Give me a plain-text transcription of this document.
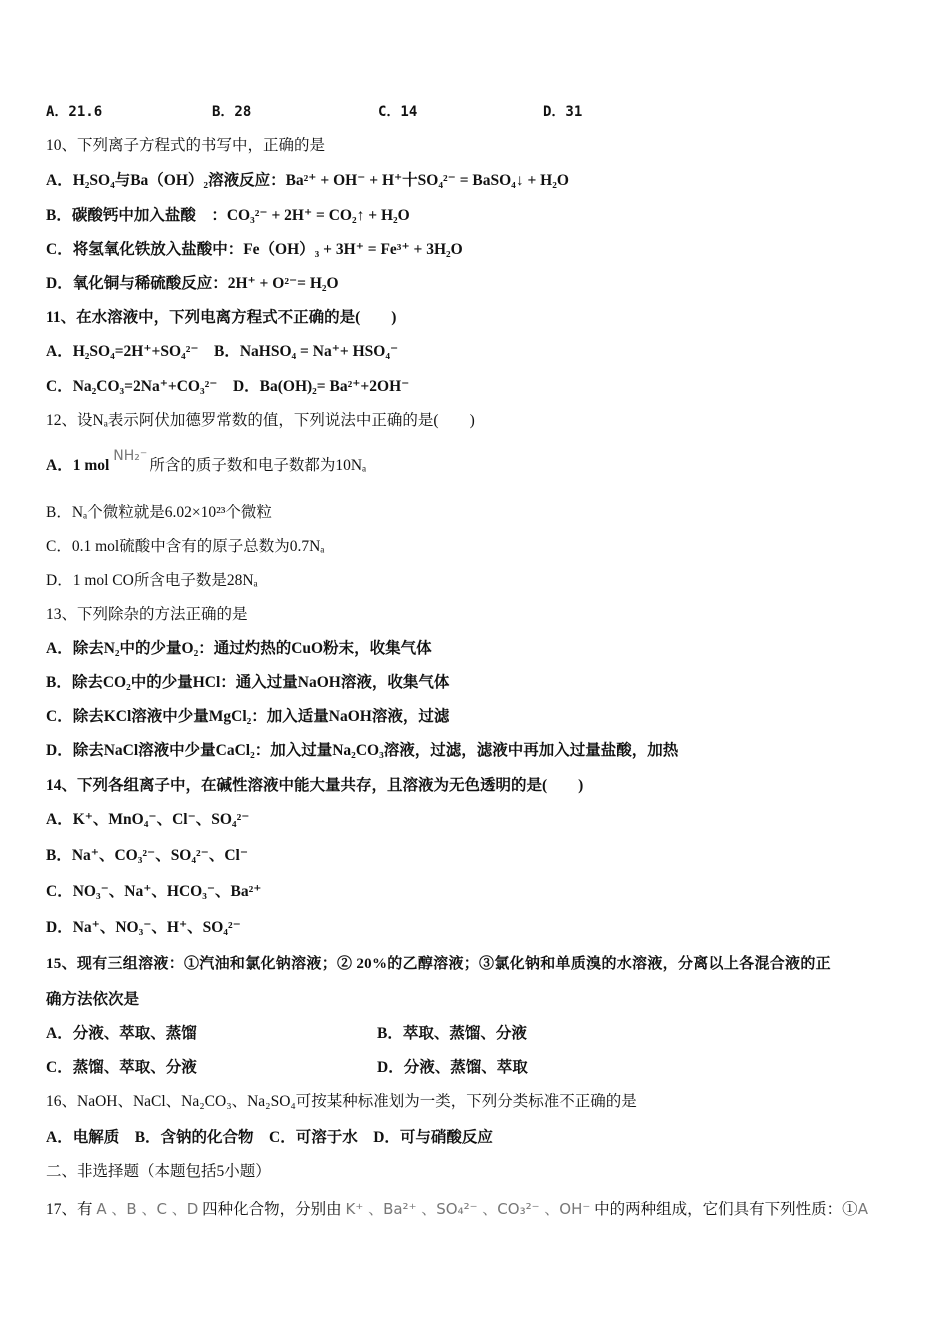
A．21.6	B．28	C．14	D．31
10、下列离子方程式的书写中，正确的是
A．H₂SO₄与Ba（OH）₂溶液反应：Ba²⁺ + OH⁻ + H⁺十SO₄²⁻ = BaSO₄↓ + H₂O
B．碳酸钙中加入盐酸　：CO₃²⁻ + 2H⁺ = CO₂↑ + H₂O
C．将氢氧化铁放入盐酸中：Fe（OH）₃ + 3H⁺ = Fe³⁺ + 3H₂O
D．氧化铜与稀硫酸反应：2H⁺ + O²⁻= H₂O
11、在水溶液中，下列电离方程式不正确的是(　　)
A．H₂SO₄=2H⁺+SO₄²⁻　B．NaHSO₄ = Na⁺+ HSO₄⁻
C．Na₂CO₃=2Na⁺+CO₃²⁻　D．Ba(OH)₂= Ba²⁺+2OH⁻
12、设Nₐ表示阿伏加德罗常数的值，下列说法中正确的是(　　)
A．1 molNH₂⁻所含的质子数和电子数都为10Nₐ
B．Nₐ个微粒就是6.02×10²³个微粒
C．0.1 mol硫酸中含有的原子总数为0.7Nₐ
D．1 mol CO所含电子数是28Nₐ
13、下列除杂的方法正确的是
A．除去N₂中的少量O₂：通过灼热的CuO粉末，收集气体
B．除去CO₂中的少量HCl：通入过量NaOH溶液，收集气体
C．除去KCl溶液中少量MgCl₂：加入适量NaOH溶液，过滤
D．除去NaCl溶液中少量CaCl₂：加入过量Na₂CO₃溶液，过滤，滤液中再加入过量盐酸，加热
14、下列各组离子中，在碱性溶液中能大量共存，且溶液为无色透明的是(　　)
A．K⁺、MnO₄⁻、Cl⁻、SO₄²⁻
B．Na⁺、CO₃²⁻、SO₄²⁻、Cl⁻
C．NO₃⁻、Na⁺、HCO₃⁻、Ba²⁺
D．Na⁺、NO₃⁻、H⁺、SO₄²⁻
15、现有三组溶液：①汽油和氯化钠溶液；② 20%的乙醇溶液；③氯化钠和单质溴的水溶液，分离以上各混合液的正
确方法依次是
A．分液、萃取、蒸馏	B．萃取、蒸馏、分液
C．蒸馏、萃取、分液	D．分液、蒸馏、萃取
16、NaOH、NaCl、Na₂CO₃、Na₂SO₄可按某种标准划为一类，下列分类标准不正确的是
A．电解质　B．含钠的化合物　C．可溶于水　D．可与硝酸反应
二、非选择题（本题包括5小题）
17、有 A 、B 、C 、D 四种化合物，分别由 K⁺ 、Ba²⁺ 、SO₄²⁻ 、CO₃²⁻ 、OH⁻ 中的两种组成，它们具有下列性质：①A
